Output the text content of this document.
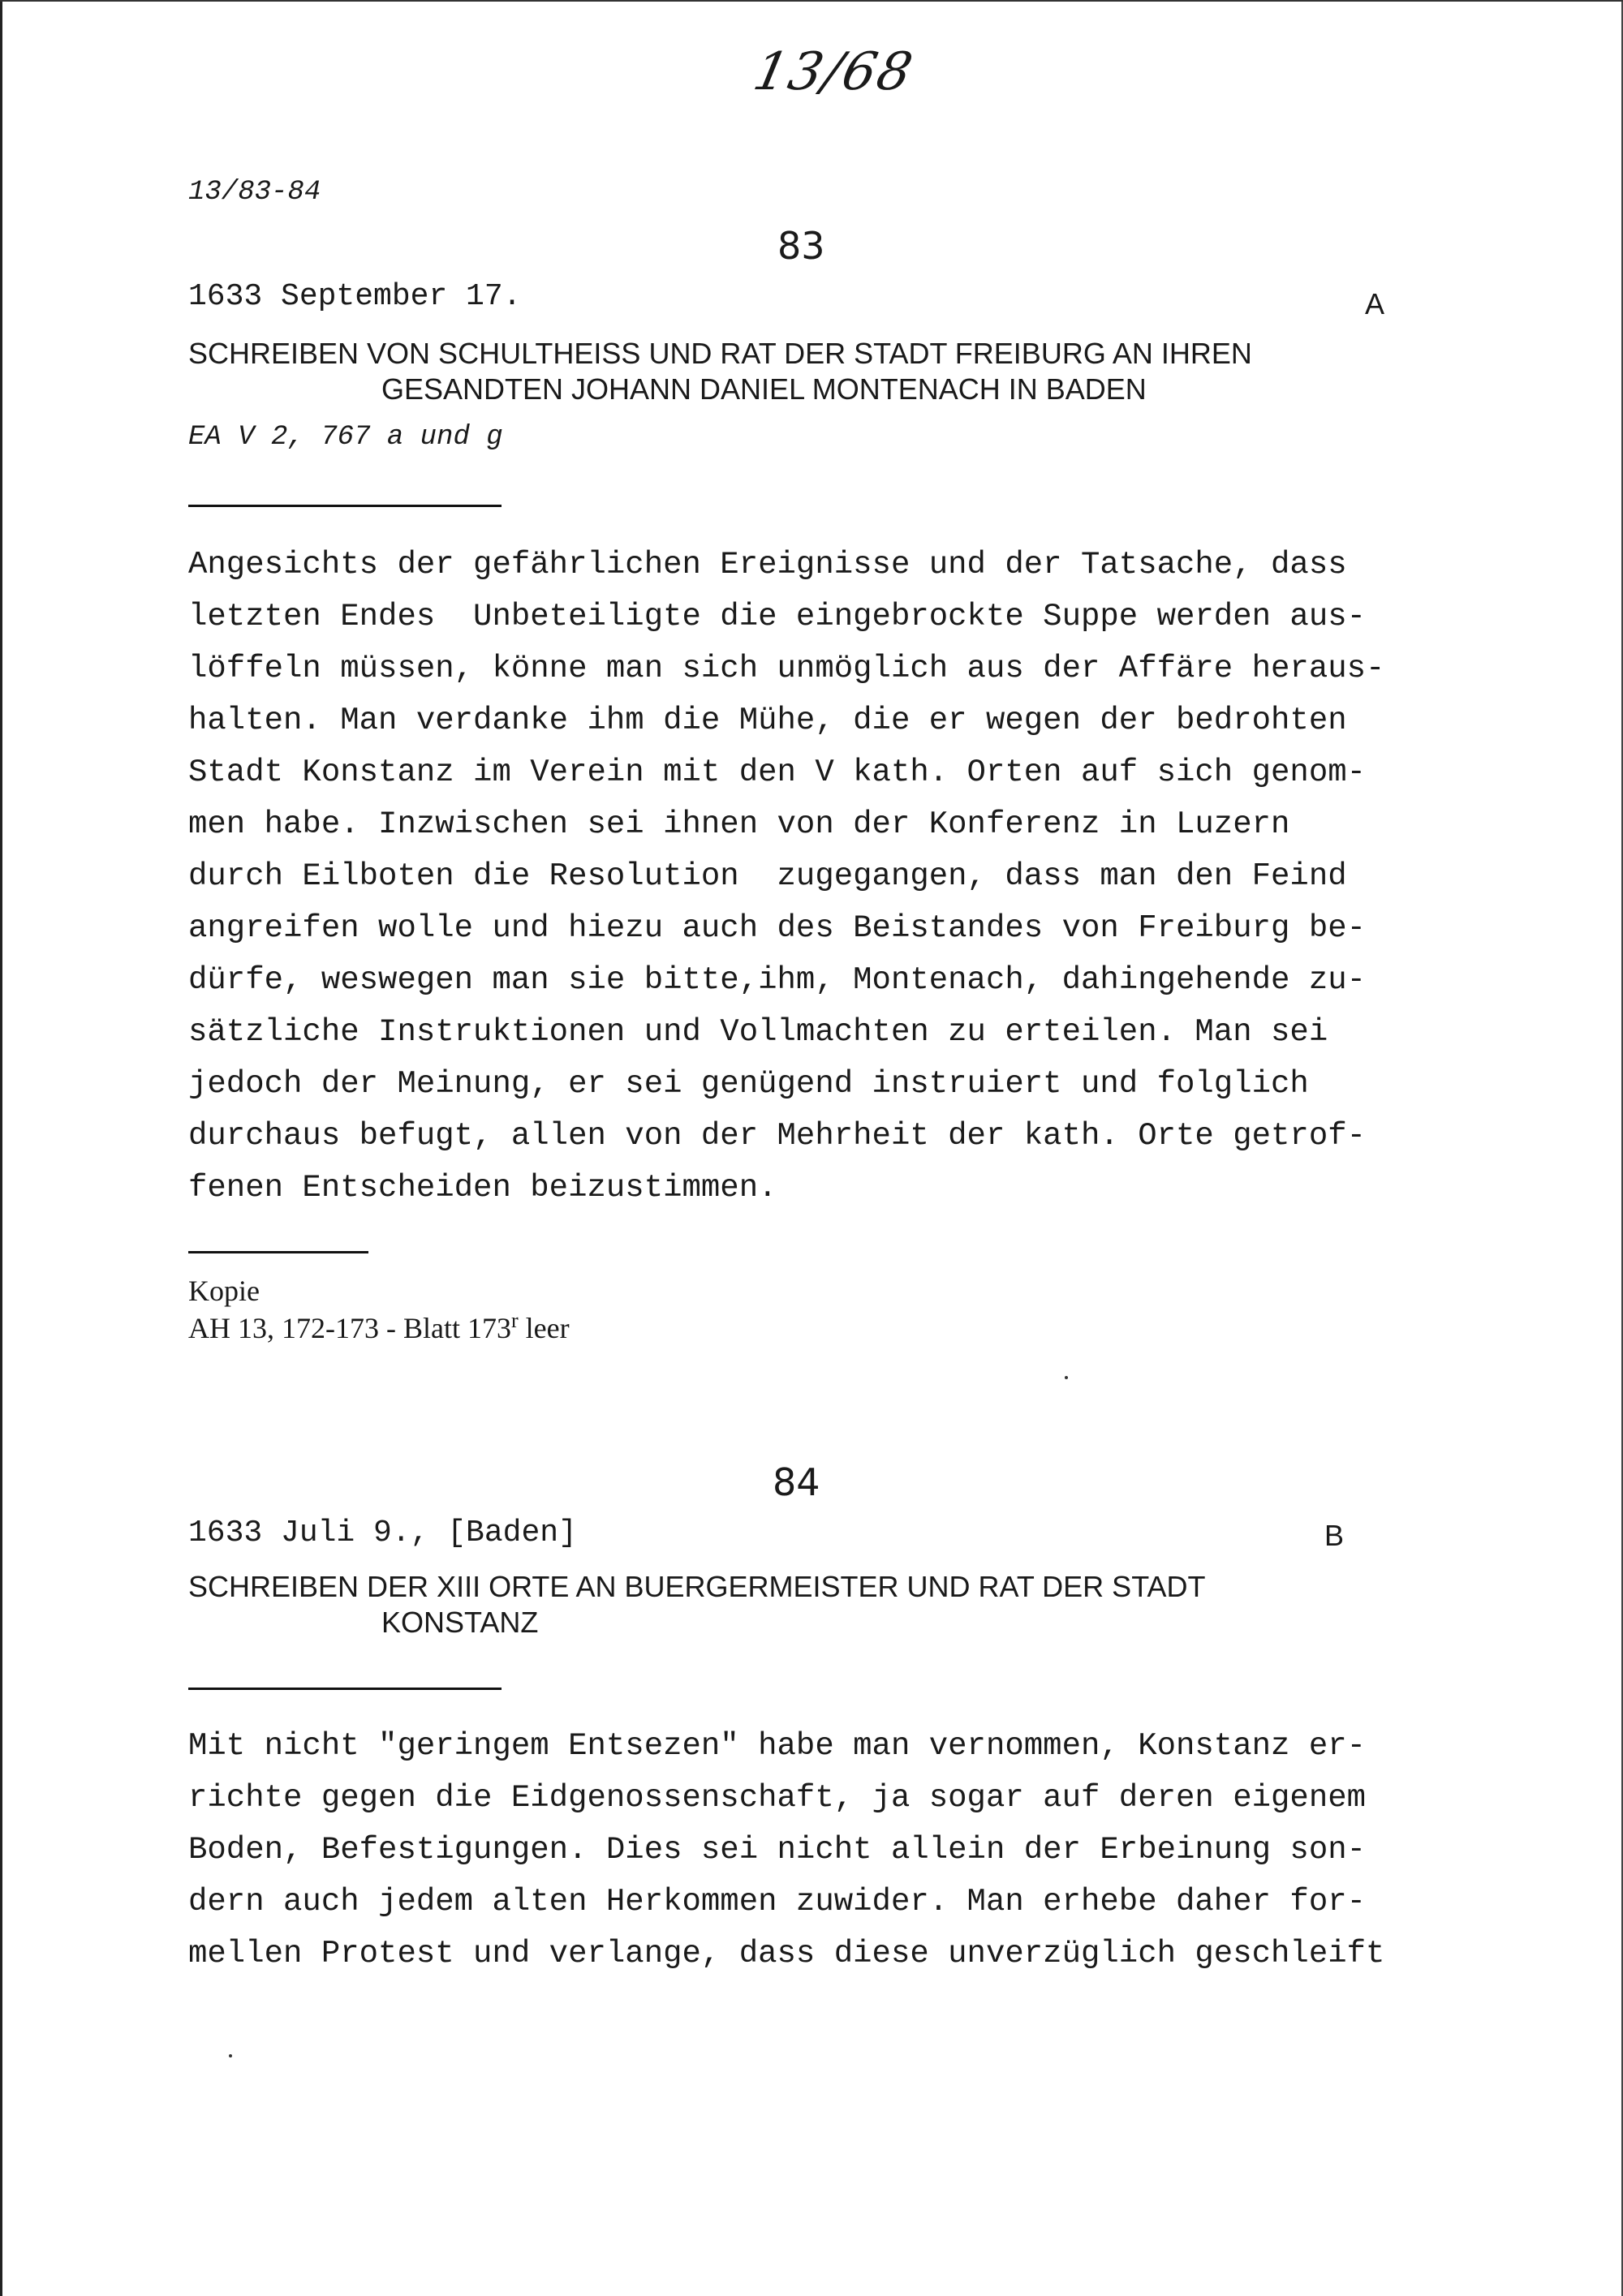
13/68
13/83-84
83
1633 September 17.	A
SCHREIBEN VON SCHULTHEISS UND RAT DER STADT FREIBURG AN IHREN
GESANDTEN JOHANN DANIEL MONTENACH IN BADEN
EA V 2, 767 a und g
Angesichts der gefährlichen Ereignisse und der Tatsache, dass
letzten Endes  Unbeteiligte die eingebrockte Suppe werden aus-
löffeln müssen, könne man sich unmöglich aus der Affäre heraus-
halten. Man verdanke ihm die Mühe, die er wegen der bedrohten
Stadt Konstanz im Verein mit den V kath. Orten auf sich genom-
men habe. Inzwischen sei ihnen von der Konferenz in Luzern
durch Eilboten die Resolution  zugegangen, dass man den Feind
angreifen wolle und hiezu auch des Beistandes von Freiburg be-
dürfe, weswegen man sie bitte,ihm, Montenach, dahingehende zu-
sätzliche Instruktionen und Vollmachten zu erteilen. Man sei
jedoch der Meinung, er sei genügend instruiert und folglich
durchaus befugt, allen von der Mehrheit der kath. Orte getrof-
fenen Entscheiden beizustimmen.
Kopie
AH 13, 172-173 - Blatt 173$^r$ leer
84
1633 Juli 9., [Baden]	B
SCHREIBEN DER XIII ORTE AN BUERGERMEISTER UND RAT DER STADT
KONSTANZ
Mit nicht "geringem Entsezen" habe man vernommen, Konstanz er-
richte gegen die Eidgenossenschaft, ja sogar auf deren eigenem
Boden, Befestigungen. Dies sei nicht allein der Erbeinung son-
dern auch jedem alten Herkommen zuwider. Man erhebe daher for-
mellen Protest und verlange, dass diese unverzüglich geschleift
